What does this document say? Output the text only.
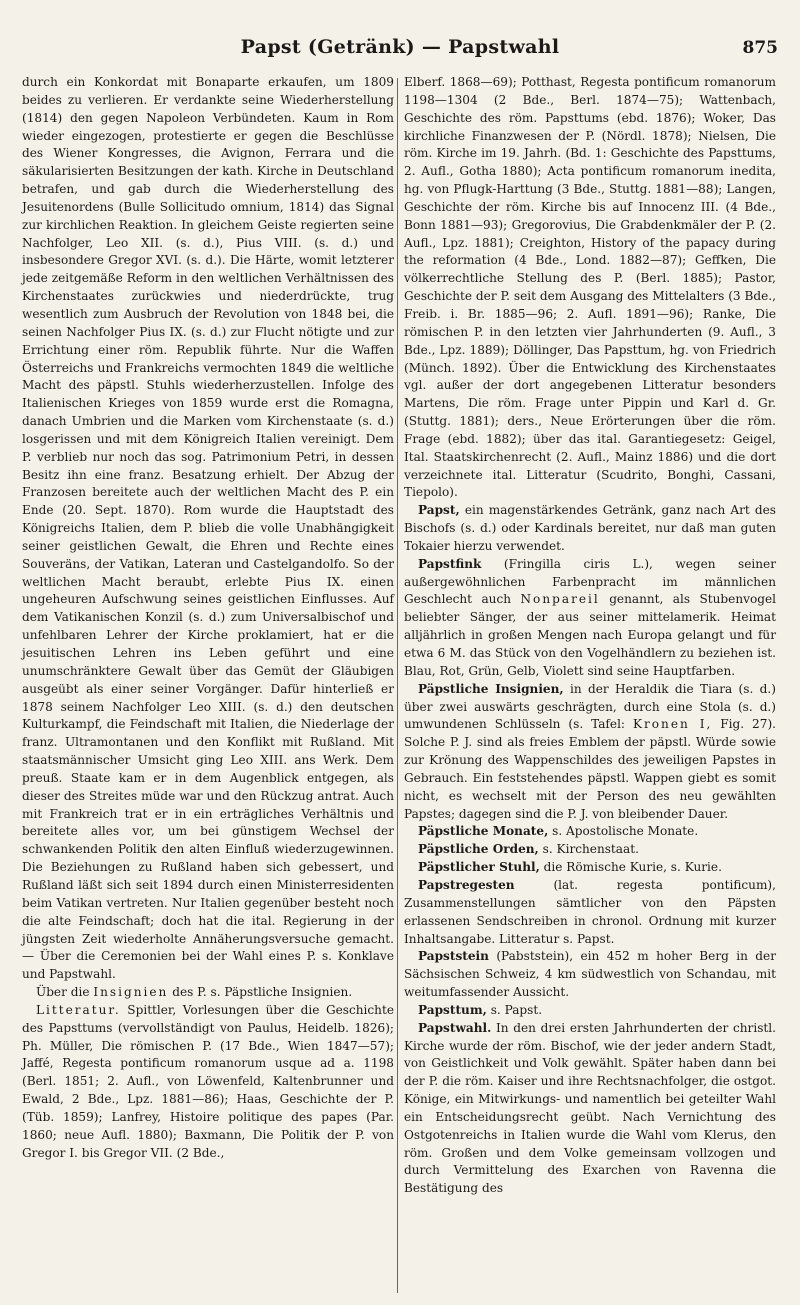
Papst (Getränk) — Papstwahl	875

durch ein Konkordat mit Bonaparte erkaufen, um 1809 beides zu verlieren. Er verdankte seine Wiederherstellung (1814) den gegen Napoleon Verbündeten. Kaum in Rom wieder eingezogen, protestierte er gegen die Beschlüsse des Wiener Kongresses, die Avignon, Ferrara und die säkularisierten Besitzungen der kath. Kirche in Deutschland betrafen, und gab durch die Wiederherstellung des Jesuitenordens (Bulle Sollicitudo omnium, 1814) das Signal zur kirchlichen Reaktion. In gleichem Geiste regierten seine Nachfolger, Leo XII. (s. d.), Pius VIII. (s. d.) und insbesondere Gregor XVI. (s. d.). Die Härte, womit letzterer jede zeitgemäße Reform in den weltlichen Verhältnissen des Kirchenstaates zurückwies und niederdrückte, trug wesentlich zum Ausbruch der Revolution von 1848 bei, die seinen Nachfolger Pius IX. (s. d.) zur Flucht nötigte und zur Errichtung einer röm. Republik führte. Nur die Waffen Österreichs und Frankreichs vermochten 1849 die weltliche Macht des päpstl. Stuhls wiederherzustellen. Infolge des Italienischen Krieges von 1859 wurde erst die Romagna, danach Umbrien und die Marken vom Kirchenstaate (s. d.) losgerissen und mit dem Königreich Italien vereinigt. Dem P. verblieb nur noch das sog. Patrimonium Petri, in dessen Besitz ihn eine franz. Besatzung erhielt. Der Abzug der Franzosen bereitete auch der weltlichen Macht des P. ein Ende (20. Sept. 1870). Rom wurde die Hauptstadt des Königreichs Italien, dem P. blieb die volle Unabhängigkeit seiner geistlichen Gewalt, die Ehren und Rechte eines Souveräns, der Vatikan, Lateran und Castelgandolfo. So der weltlichen Macht beraubt, erlebte Pius IX. einen ungeheuren Aufschwung seines geistlichen Einflusses. Auf dem Vatikanischen Konzil (s. d.) zum Universalbischof und unfehlbaren Lehrer der Kirche proklamiert, hat er die jesuitischen Lehren ins Leben geführt und eine unumschränktere Gewalt über das Gemüt der Gläubigen ausgeübt als einer seiner Vorgänger. Dafür hinterließ er 1878 seinem Nachfolger Leo XIII. (s. d.) den deutschen Kulturkampf, die Feindschaft mit Italien, die Niederlage der franz. Ultramontanen und den Konflikt mit Rußland. Mit staatsmännischer Umsicht ging Leo XIII. ans Werk. Dem preuß. Staate kam er in dem Augenblick entgegen, als dieser des Streites müde war und den Rückzug antrat. Auch mit Frankreich trat er in ein erträgliches Verhältnis und bereitete alles vor, um bei günstigem Wechsel der schwankenden Politik den alten Einfluß wiederzugewinnen. Die Beziehungen zu Rußland haben sich gebessert, und Rußland läßt sich seit 1894 durch einen Ministerresidenten beim Vatikan vertreten. Nur Italien gegenüber besteht noch die alte Feindschaft; doch hat die ital. Regierung in der jüngsten Zeit wiederholte Annäherungsversuche gemacht. — Über die Ceremonien bei der Wahl eines P. s. Konklave und Papstwahl.

Über die Insignien des P. s. Päpstliche Insignien.

Litteratur. Spittler, Vorlesungen über die Geschichte des Papsttums (vervollständigt von Paulus, Heidelb. 1826); Ph. Müller, Die römischen P. (17 Bde., Wien 1847—57); Jaffé, Regesta pontificum romanorum usque ad a. 1198 (Berl. 1851; 2. Aufl., von Löwenfeld, Kaltenbrunner und Ewald, 2 Bde., Lpz. 1881—86); Haas, Geschichte der P. (Tüb. 1859); Lanfrey, Histoire politique des papes (Par. 1860; neue Aufl. 1880); Baxmann, Die Politik der P. von Gregor I. bis Gregor VII. (2 Bde.,

Elberf. 1868—69); Potthast, Regesta pontificum romanorum 1198—1304 (2 Bde., Berl. 1874—75); Wattenbach, Geschichte des röm. Papsttums (ebd. 1876); Woker, Das kirchliche Finanzwesen der P. (Nördl. 1878); Nielsen, Die röm. Kirche im 19. Jahrh. (Bd. 1: Geschichte des Papsttums, 2. Aufl., Gotha 1880); Acta pontificum romanorum inedita, hg. von Pflugk-Harttung (3 Bde., Stuttg. 1881—88); Langen, Geschichte der röm. Kirche bis auf Innocenz III. (4 Bde., Bonn 1881—93); Gregorovius, Die Grabdenkmäler der P. (2. Aufl., Lpz. 1881); Creighton, History of the papacy during the reformation (4 Bde., Lond. 1882—87); Geffken, Die völkerrechtliche Stellung des P. (Berl. 1885); Pastor, Geschichte der P. seit dem Ausgang des Mittelalters (3 Bde., Freib. i. Br. 1885—96; 2. Aufl. 1891—96); Ranke, Die römischen P. in den letzten vier Jahrhunderten (9. Aufl., 3 Bde., Lpz. 1889); Döllinger, Das Papsttum, hg. von Friedrich (Münch. 1892). Über die Entwicklung des Kirchenstaates vgl. außer der dort angegebenen Litteratur besonders Martens, Die röm. Frage unter Pippin und Karl d. Gr. (Stuttg. 1881); ders., Neue Erörterungen über die röm. Frage (ebd. 1882); über das ital. Garantiegesetz: Geigel, Ital. Staatskirchenrecht (2. Aufl., Mainz 1886) und die dort verzeichnete ital. Litteratur (Scudrito, Bonghi, Cassani, Tiepolo).

Papst, ein magenstärkendes Getränk, ganz nach Art des Bischofs (s. d.) oder Kardinals bereitet, nur daß man guten Tokaier hierzu verwendet.

Papstfink (Fringilla ciris L.), wegen seiner außergewöhnlichen Farbenpracht im männlichen Geschlecht auch Nonpareil genannt, als Stubenvogel beliebter Sänger, der aus seiner mittelamerik. Heimat alljährlich in großen Mengen nach Europa gelangt und für etwa 6 M. das Stück von den Vogelhändlern zu beziehen ist. Blau, Rot, Grün, Gelb, Violett sind seine Hauptfarben.

Päpstliche Insignien, in der Heraldik die Tiara (s. d.) über zwei auswärts geschrägten, durch eine Stola (s. d.) umwundenen Schlüsseln (s. Tafel: Kronen I, Fig. 27). Solche P. J. sind als freies Emblem der päpstl. Würde sowie zur Krönung des Wappenschildes des jeweiligen Papstes in Gebrauch. Ein feststehendes päpstl. Wappen giebt es somit nicht, es wechselt mit der Person des neu gewählten Papstes; dagegen sind die P. J. von bleibender Dauer.

Päpstliche Monate, s. Apostolische Monate.

Päpstliche Orden, s. Kirchenstaat.

Päpstlicher Stuhl, die Römische Kurie, s. Kurie.

Papstregesten	(lat. regesta pontificum), Zusammenstellungen sämtlicher von den Päpsten erlassenen Sendschreiben in chronol. Ordnung mit kurzer Inhaltsangabe. Litteratur s. Papst.

Papststein (Pabststein), ein 452 m hoher Berg in der Sächsischen Schweiz, 4 km südwestlich von Schandau, mit weitumfassender Aussicht.

Papsttum, s. Papst.

Papstwahl. In den drei ersten Jahrhunderten der christl. Kirche wurde der röm. Bischof, wie der jeder andern Stadt, von Geistlichkeit und Volk gewählt. Später haben dann bei der P. die röm. Kaiser und ihre Rechtsnachfolger, die ostgot. Könige, ein Mitwirkungs- und namentlich bei geteilter Wahl ein Entscheidungsrecht geübt. Nach Vernichtung des Ostgotenreichs in Italien wurde die Wahl vom Klerus, den röm. Großen und dem Volke gemeinsam vollzogen und durch Vermittelung des Exarchen von Ravenna die Bestätigung des
